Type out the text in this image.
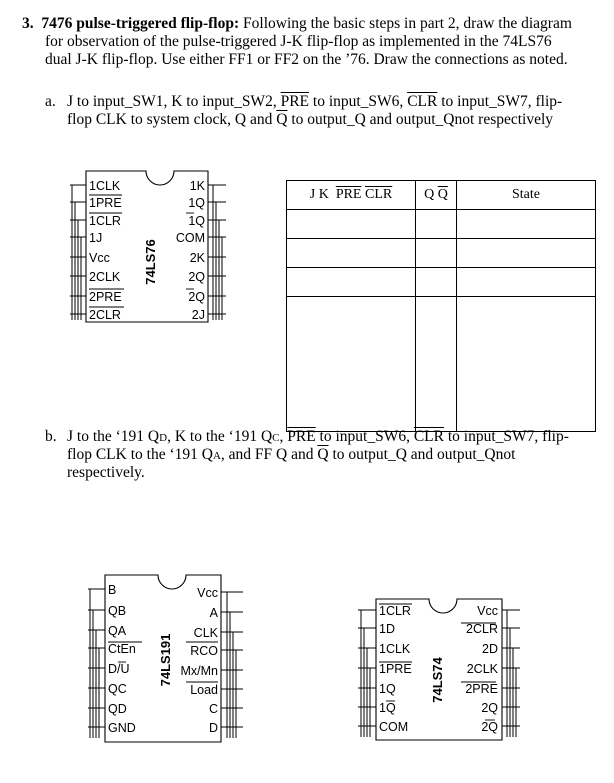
3. 7476 pulse-triggered flip-flop: Following the basic steps in part 2, draw the diagram
for observation of the pulse-triggered J-K flip-flop as implemented in the 74LS76
dual J-K flip-flop. Use either FF1 or FF2 on the ’76. Draw the connections as noted.
a. J to input_SW1, K to input_SW2, $\overline{PRE}$ to input_SW6, $\overline{CLR}$ to input_SW7, flip-
flop CLK to system clock, Q and $\overline{Q}$ to output_Q and output_Qnot respectively
1CLK
1PRE
1CLR
1J
Vcc
2CLK
2PRE
2CLR
1K
1Q
1Q
COM
2K
2Q
2Q
2J
74LS76
J K $\overline{PRE}$ $\overline{CLR}$	Q $\overline{Q}$	State

b. J to the ‘191 QD, K to the ‘191 QC, $\overline{PRE}$ to input_SW6, $\overline{CLR}$ to input_SW7, flip-
flop CLK to the ‘191 QA, and FF Q and $\overline{Q}$ to output_Q and output_Qnot
respectively.
B
QB
QA
CtEn
D/U
QC
QD
GND
Vcc
A
CLK
RCO
Mx/Mn
Load
C
D
74LS191
1CLR
1D
1CLK
1PRE
1Q
1Q
COM
Vcc
2CLR
2D
2CLK
2PRE
2Q
2Q
74LS74
